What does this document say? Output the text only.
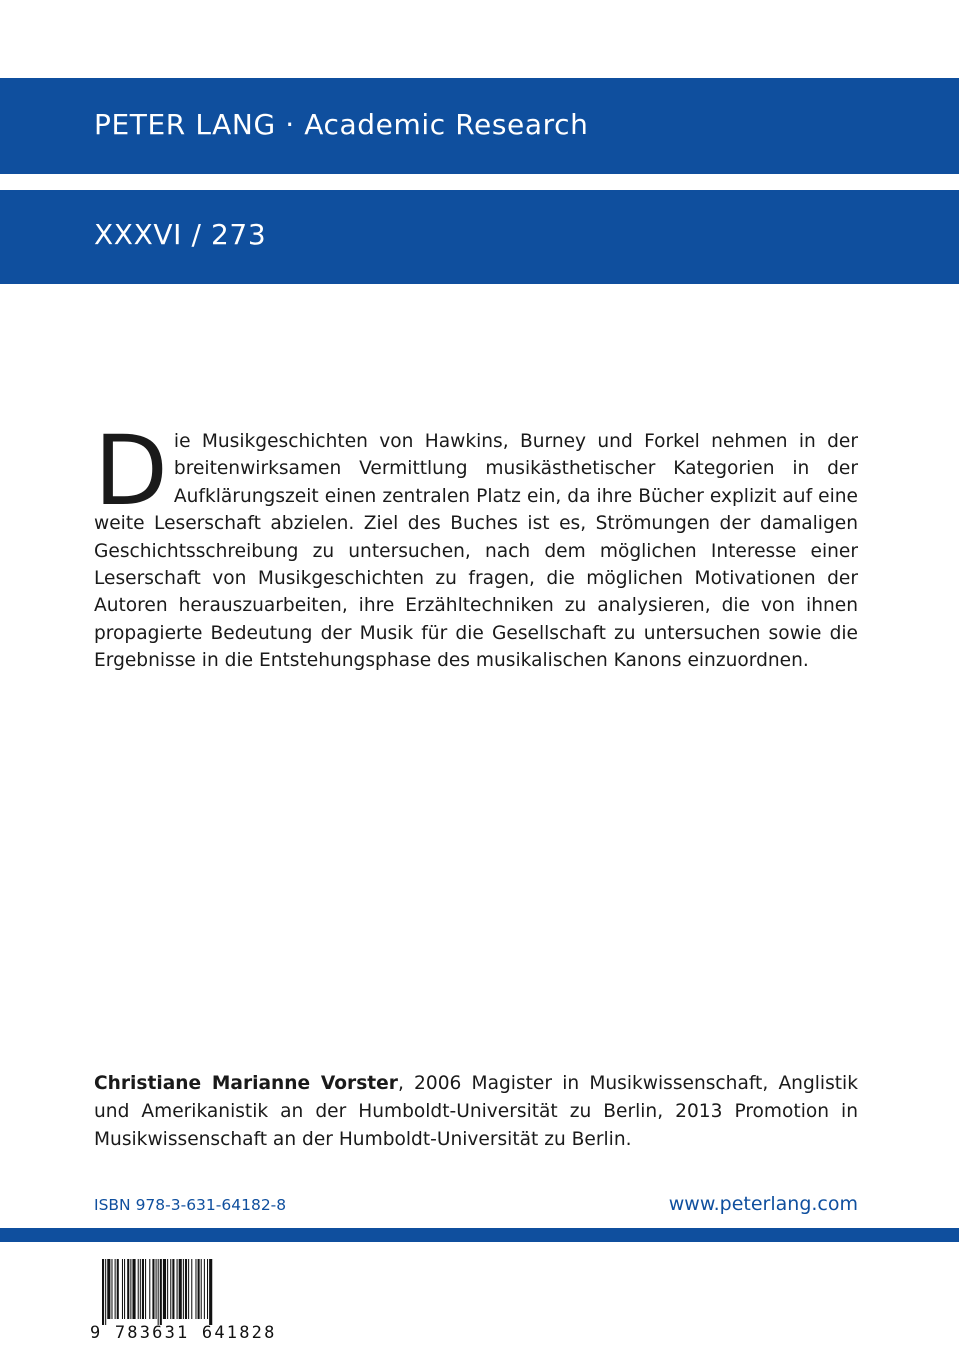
PETER LANG · Academic Research
XXXVI / 273
Die Musikgeschichten von Hawkins, Burney und Forkel nehmen in der breitenwirksamen Vermittlung musikästhetischer Kategorien in der Aufklärungszeit einen zentralen Platz ein, da ihre Bücher explizit auf eine weite Leserschaft abzielen. Ziel des Buches ist es, Strömungen der damaligen Geschichtsschreibung zu untersuchen, nach dem möglichen Interesse einer Leserschaft von Musikgeschichten zu fragen, die möglichen Motivationen der Autoren herauszuarbeiten, ihre Erzähltechniken zu analysieren, die von ihnen propagierte Bedeutung der Musik für die Gesellschaft zu untersuchen sowie die Ergebnisse in die Entstehungsphase des musikalischen Kanons einzuordnen.
Christiane Marianne Vorster, 2006 Magister in Musikwissenschaft, Anglistik und Amerikanistik an der Humboldt-Universität zu Berlin, 2013 Promotion in Musikwissenschaft an der Humboldt-Universität zu Berlin.
ISBN 978-3-631-64182-8	www.peterlang.com
9 783631 641828
